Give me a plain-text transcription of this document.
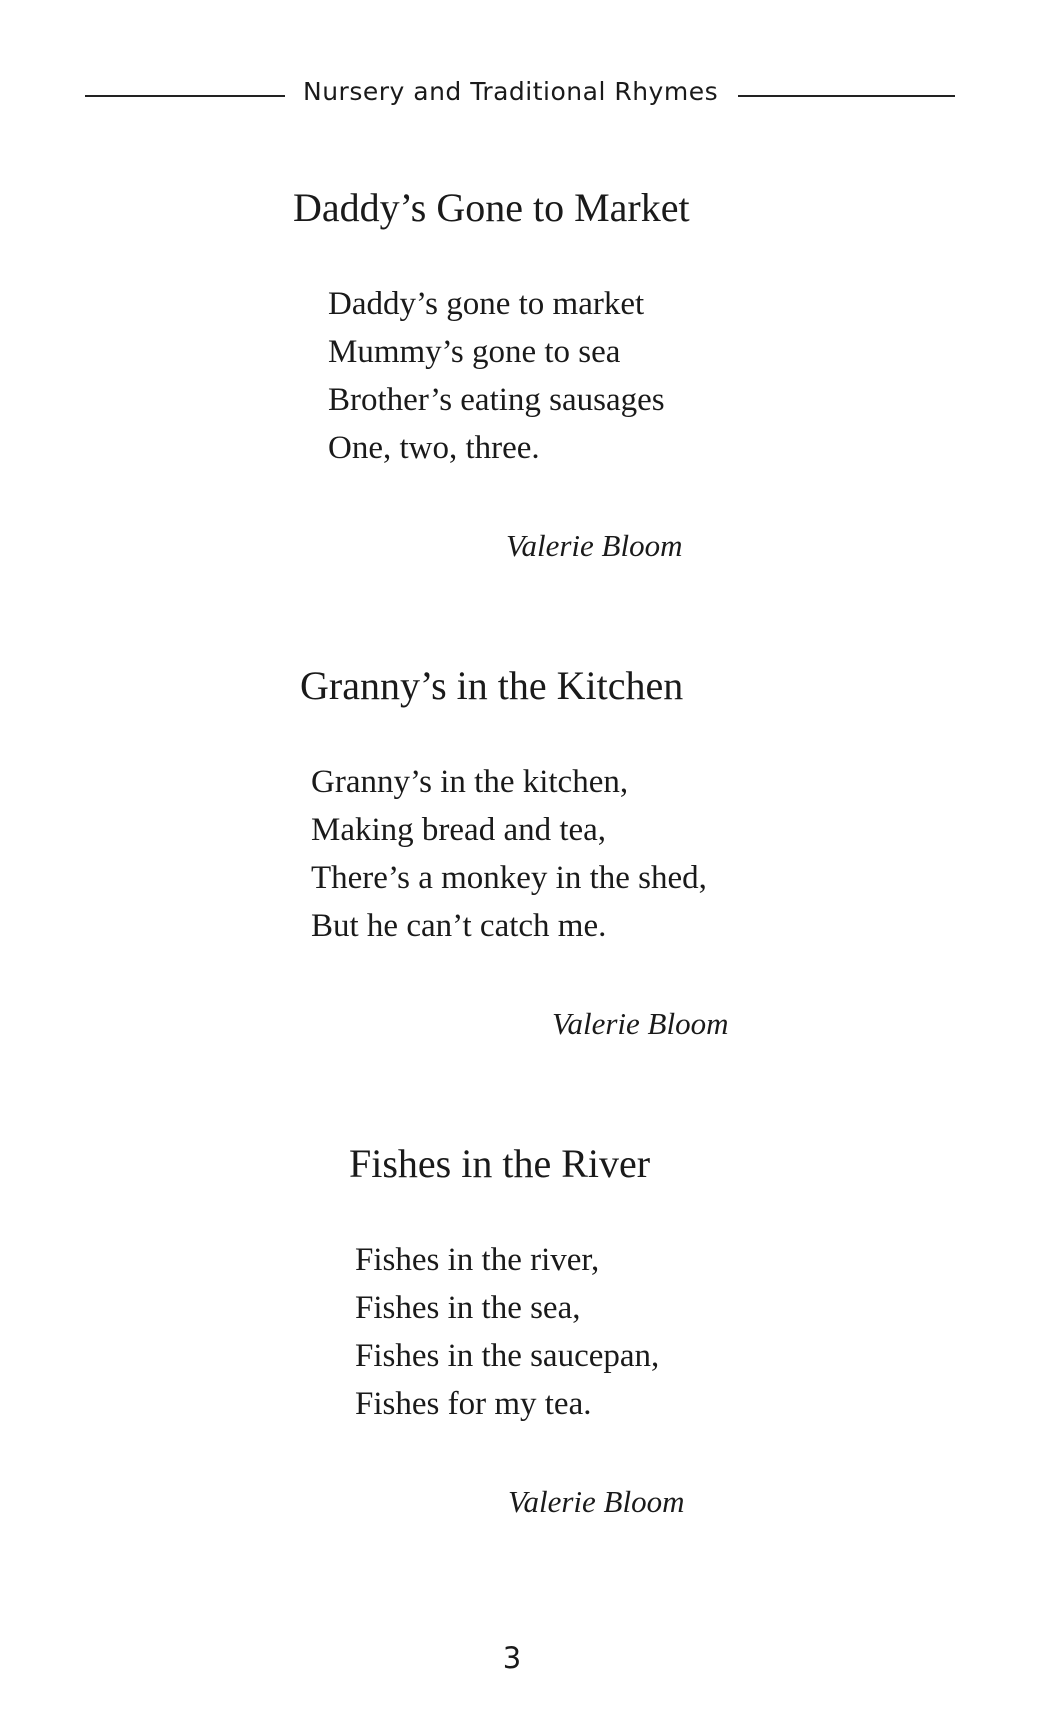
Nursery and Traditional Rhymes
Daddy’s Gone to Market
Daddy’s gone to market
Mummy’s gone to sea
Brother’s eating sausages
One, two, three.
Valerie Bloom
Granny’s in the Kitchen
Granny’s in the kitchen,
Making bread and tea,
There’s a monkey in the shed,
But he can’t catch me.
Valerie Bloom
Fishes in the River
Fishes in the river,
Fishes in the sea,
Fishes in the saucepan,
Fishes for my tea.
Valerie Bloom
3
